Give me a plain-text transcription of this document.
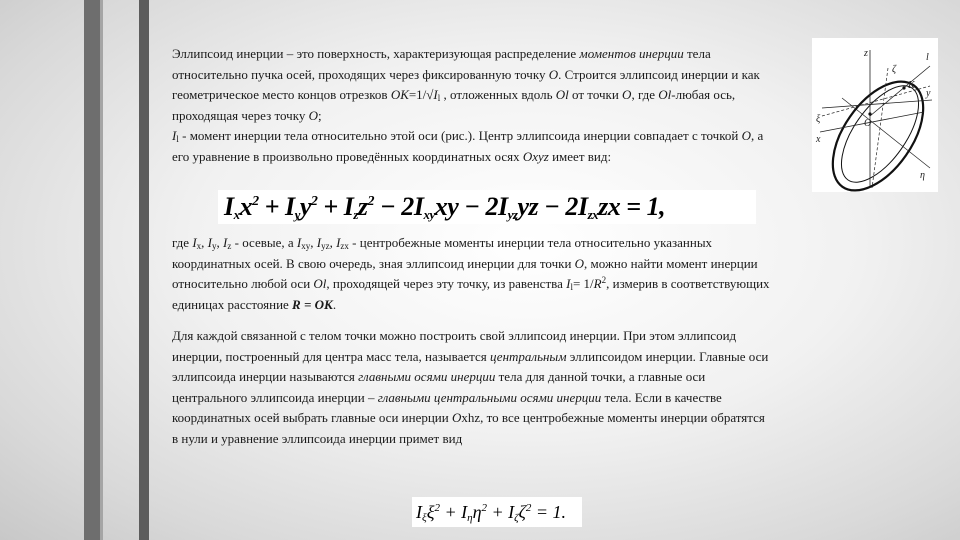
Эллипсоид инерции – это поверхность, характеризующая распределение моментов инерции тела относительно пучка осей, проходящих через фиксированную точку О. Строится эллипсоид инерции и как геометрическое место концов отрезков $ОК=1/√I_l$ , отложенных вдоль Ol от точки О, где Оl-любая ось, проходящая через точку О;
$I_l$ - момент инерции тела относительно этой оси (рис.). Центр эллипсоида инерции совпадает с точкой О, а его уравнение в произвольно проведённых координатных осях Oxyz имеет вид:

$I_xx^2 + I_yy^2 + I_zz^2 - 2I_{xy}xy - 2I_{yz}yz - 2I_{zx}zx = 1$,

где $I_x$, $I_y$, $I_z$ - осевые, а $I_{xy}$, $I_{yz}$, $I_{zx}$ - центробежные моменты инерции тела относительно указанных координатных осей. В свою очередь, зная эллипсоид инерции для точки О, можно найти момент инерции относительно любой оси Ol, проходящей через эту точку, из равенства $I_l= 1/R^2$, измерив в соответствующих единицах расстояние R = ОК.

Для каждой связанной с телом точки можно построить свой эллипсоид инерции. При этом эллипсоид инерции, построенный для центра масс тела, называется центральным эллипсоидом инерции. Главные оси эллипсоида инерции называются главными осями инерции тела для данной точки, а главные оси центрального эллипсоида инерции – главными центральными осями инерции тела. Если в качестве координатных осей выбрать главные оси инерции Oxhz, то все центробежные моменты инерции обратятся в нули и уравнение эллипсоида инерции примет вид

$I_\xi\xi^2 + I_\eta\eta^2 + I_\zeta\zeta^2 = 1$.
z
ζ
l
y
ξ	O
K
x
η
